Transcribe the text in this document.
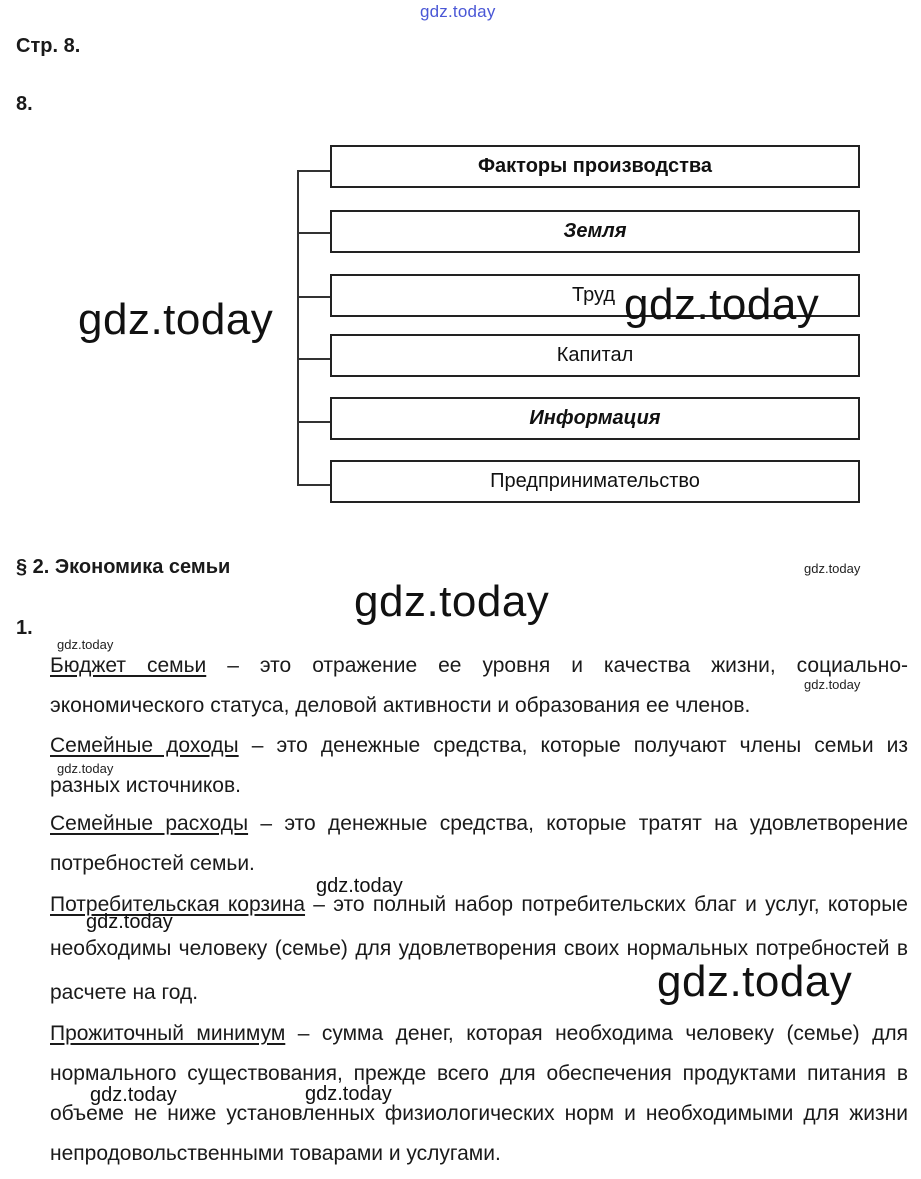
gdz.today
Стр. 8.
8.
Факторы производства
Земля
Труд
Капитал
Информация
Предпринимательство
gdz.today	gdz.today
§ 2. Экономика семьи	gdz.today
gdz.today
1.
gdz.today
gdz.today
gdz.today
Бюджет семьи – это отражение ее уровня и качества жизни, социально-экономического статуса, деловой активности и образования ее членов.
Семейные доходы – это денежные средства, которые получают члены семьи из разных источников.
Семейные расходы – это денежные средства, которые тратят на удовлетворение потребностей семьи.
Потребительская корзина – это полный набор потребительских благ и услуг, которые необходимы человеку (семье) для удовлетворения своих нормальных потребностей в расчете на год.
Прожиточный минимум – сумма денег, которая необходима человеку (семье) для нормального существования, прежде всего для обеспечения продуктами питания в объеме не ниже установленных физиологических норм и необходимыми для жизни непродовольственными товарами и услугами.
gdz.today
gdz.today
gdz.today
gdz.today	gdz.today
